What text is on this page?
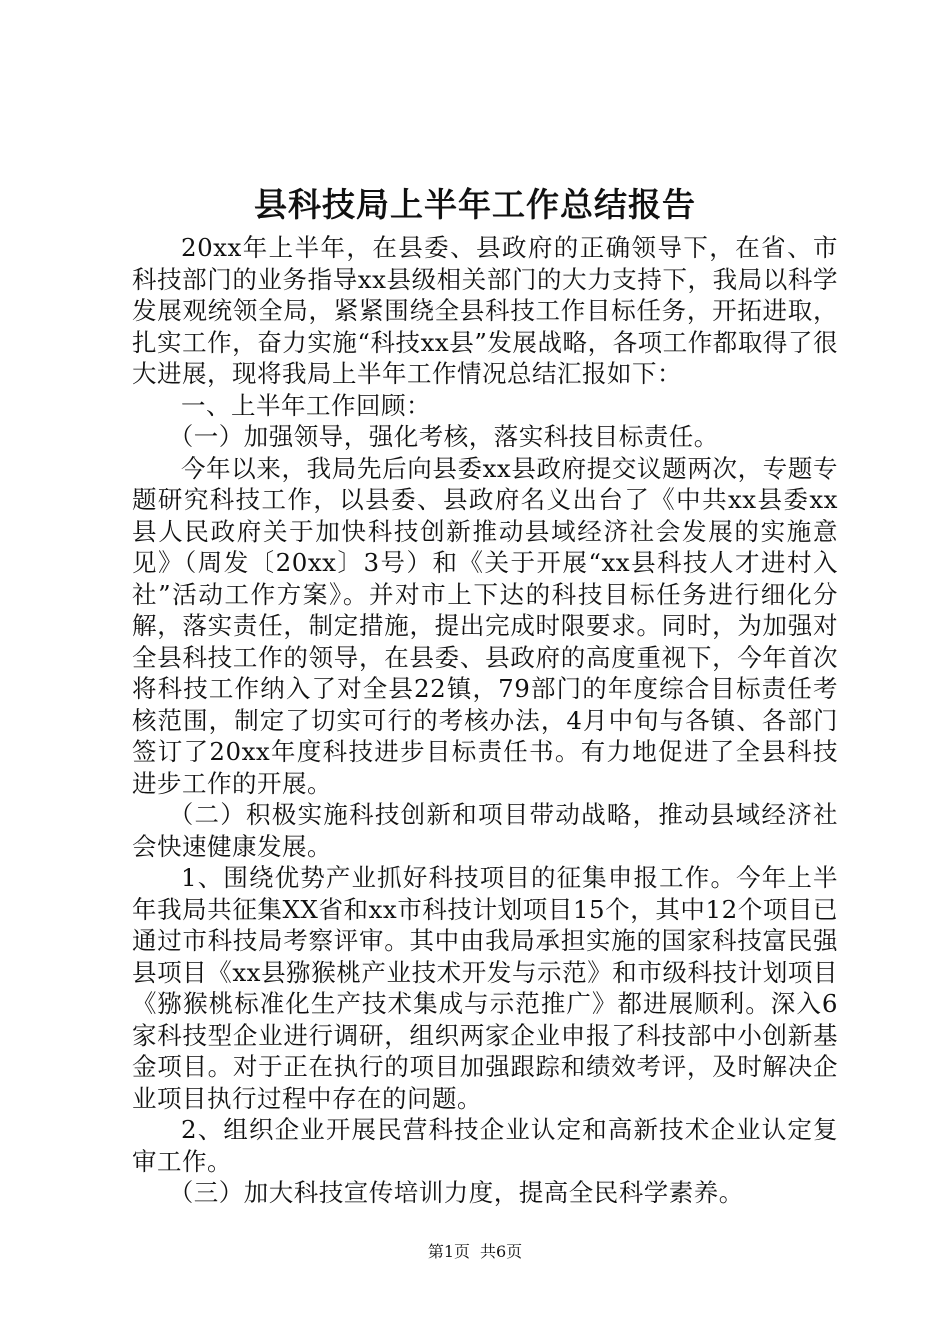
县科技局上半年工作总结报告

20xx年上半年，在县委、县政府的正确领导下，在省、市科技部门的业务指导xx县级相关部门的大力支持下，我局以科学发展观统领全局，紧紧围绕全县科技工作目标任务，开拓进取，扎实工作，奋力实施“科技xx县”发展战略，各项工作都取得了很大进展，现将我局上半年工作情况总结汇报如下：

一、上半年工作回顾：

（一）加强领导，强化考核，落实科技目标责任。

今年以来，我局先后向县委xx县政府提交议题两次，专题专题研究科技工作，以县委、县政府名义出台了《中共xx县委xx县人民政府关于加快科技创新推动县域经济社会发展的实施意见》（周发〔20xx〕3号）和《关于开展“xx县科技人才进村入社”活动工作方案》。并对市上下达的科技目标任务进行细化分解，落实责任，制定措施，提出完成时限要求。同时，为加强对全县科技工作的领导，在县委、县政府的高度重视下，今年首次将科技工作纳入了对全县22镇，79部门的年度综合目标责任考核范围，制定了切实可行的考核办法，4月中旬与各镇、各部门签订了20xx年度科技进步目标责任书。有力地促进了全县科技进步工作的开展。

（二）积极实施科技创新和项目带动战略，推动县域经济社会快速健康发展。

1、围绕优势产业抓好科技项目的征集申报工作。今年上半年我局共征集XX省和xx市科技计划项目15个，其中12个项目已通过市科技局考察评审。其中由我局承担实施的国家科技富民强县项目《xx县猕猴桃产业技术开发与示范》和市级科技计划项目《猕猴桃标准化生产技术集成与示范推广》都进展顺利。深入6家科技型企业进行调研，组织两家企业申报了科技部中小创新基金项目。对于正在执行的项目加强跟踪和绩效考评，及时解决企业项目执行过程中存在的问题。

2、组织企业开展民营科技企业认定和高新技术企业认定复审工作。

（三）加大科技宣传培训力度，提高全民科学素养。

第1页 共6页
